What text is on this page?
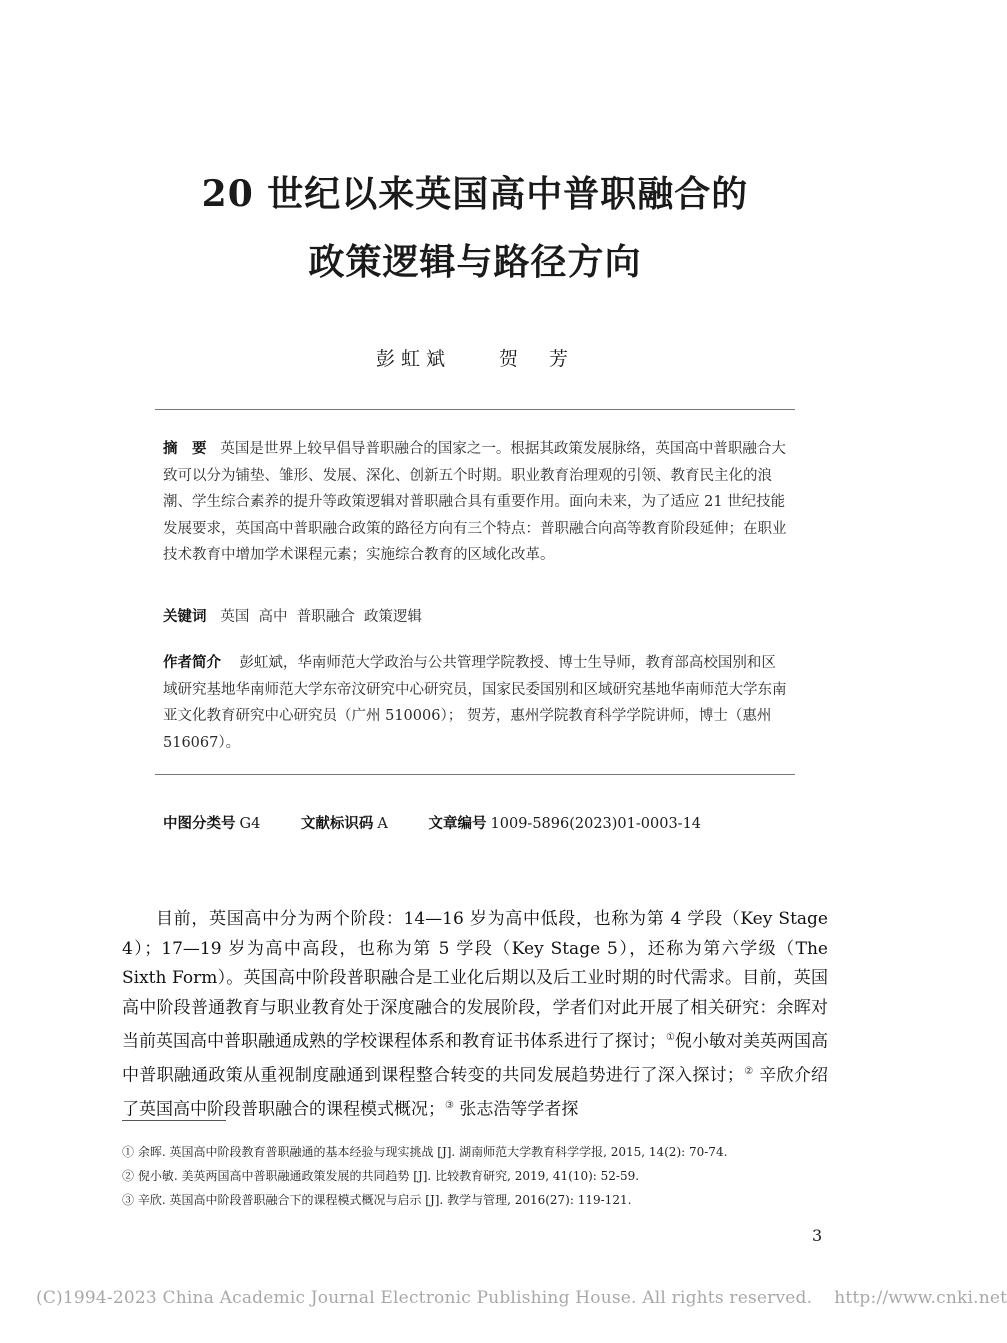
20 世纪以来英国高中普职融合的
政策逻辑与路径方向
彭虹斌	贺　芳
摘　要 英国是世界上较早倡导普职融合的国家之一。根据其政策发展脉络，英国高中普职融合大致可以分为铺垫、雏形、发展、深化、创新五个时期。职业教育治理观的引领、教育民主化的浪潮、学生综合素养的提升等政策逻辑对普职融合具有重要作用。面向未来，为了适应 21 世纪技能发展要求，英国高中普职融合政策的路径方向有三个特点：普职融合向高等教育阶段延伸；在职业技术教育中增加学术课程元素；实施综合教育的区域化改革。
关键词 英国  高中  普职融合  政策逻辑
作者简介 彭虹斌，华南师范大学政治与公共管理学院教授、博士生导师，教育部高校国别和区域研究基地华南师范大学东帝汶研究中心研究员，国家民委国别和区域研究基地华南师范大学东南亚文化教育研究中心研究员（广州 510006）； 贺芳，惠州学院教育科学学院讲师，博士（惠州 516067）。
中图分类号 G4	文献标识码 A	文章编号 1009-5896(2023)01-0003-14
目前，英国高中分为两个阶段：14—16 岁为高中低段，也称为第 4 学段（Key Stage 4）；17—19 岁为高中高段，也称为第 5 学段（Key Stage 5），还称为第六学级（The Sixth Form）。英国高中阶段普职融合是工业化后期以及后工业时期的时代需求。目前，英国高中阶段普通教育与职业教育处于深度融合的发展阶段，学者们对此开展了相关研究：余晖对当前英国高中普职融通成熟的学校课程体系和教育证书体系进行了探讨；①倪小敏对美英两国高中普职融通政策从重视制度融通到课程整合转变的共同发展趋势进行了深入探讨；② 辛欣介绍了英国高中阶段普职融合的课程模式概况；③ 张志浩等学者探
① 余晖. 英国高中阶段教育普职融通的基本经验与现实挑战 [J]. 湖南师范大学教育科学学报, 2015, 14(2): 70-74.
② 倪小敏. 美英两国高中普职融通政策发展的共同趋势 [J]. 比较教育研究, 2019, 41(10): 52-59.
③ 辛欣. 英国高中阶段普职融合下的课程模式概况与启示 [J]. 教学与管理, 2016(27): 119-121.
3
(C)1994-2023 China Academic Journal Electronic Publishing House. All rights reserved. http://www.cnki.net
